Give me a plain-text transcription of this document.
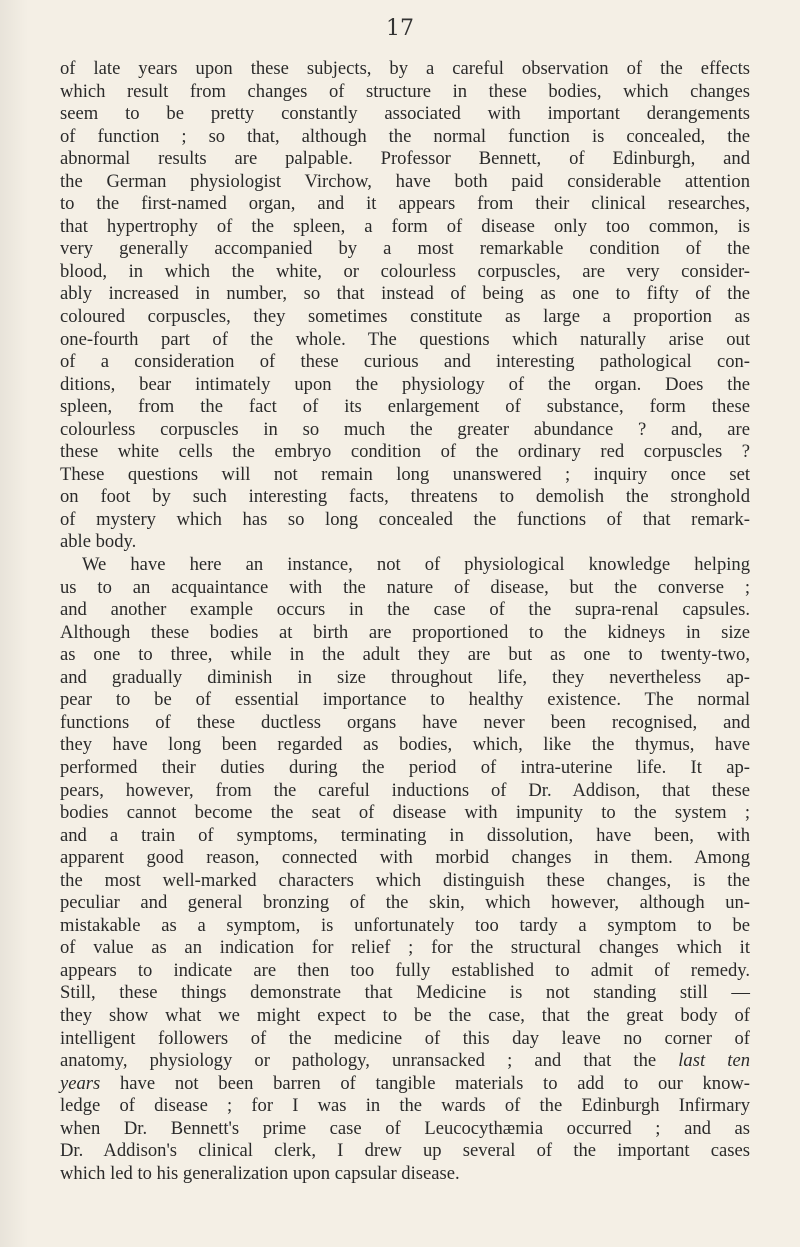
17
of late years upon these subjects, by a careful observation of the effects
which result from changes of structure in these bodies, which changes
seem to be pretty constantly associated with important derangements
of function ; so that, although the normal function is concealed, the
abnormal results are palpable. Professor Bennett, of Edinburgh, and
the German physiologist Virchow, have both paid considerable attention
to the first-named organ, and it appears from their clinical researches,
that hypertrophy of the spleen, a form of disease only too common, is
very generally accompanied by a most remarkable condition of the
blood, in which the white, or colourless corpuscles, are very consider-
ably increased in number, so that instead of being as one to fifty of the
coloured corpuscles, they sometimes constitute as large a proportion as
one-fourth part of the whole. The questions which naturally arise out
of a consideration of these curious and interesting pathological con-
ditions, bear intimately upon the physiology of the organ. Does the
spleen, from the fact of its enlargement of substance, form these
colourless corpuscles in so much the greater abundance ? and, are
these white cells the embryo condition of the ordinary red corpuscles ?
These questions will not remain long unanswered ; inquiry once set
on foot by such interesting facts, threatens to demolish the stronghold
of mystery which has so long concealed the functions of that remark-
able body.
We have here an instance, not of physiological knowledge helping
us to an acquaintance with the nature of disease, but the converse ;
and another example occurs in the case of the supra-renal capsules.
Although these bodies at birth are proportioned to the kidneys in size
as one to three, while in the adult they are but as one to twenty-two,
and gradually diminish in size throughout life, they nevertheless ap-
pear to be of essential importance to healthy existence. The normal
functions of these ductless organs have never been recognised, and
they have long been regarded as bodies, which, like the thymus, have
performed their duties during the period of intra-uterine life. It ap-
pears, however, from the careful inductions of Dr. Addison, that these
bodies cannot become the seat of disease with impunity to the system ;
and a train of symptoms, terminating in dissolution, have been, with
apparent good reason, connected with morbid changes in them. Among
the most well-marked characters which distinguish these changes, is the
peculiar and general bronzing of the skin, which however, although un-
mistakable as a symptom, is unfortunately too tardy a symptom to be
of value as an indication for relief ; for the structural changes which it
appears to indicate are then too fully established to admit of remedy.
Still, these things demonstrate that Medicine is not standing still —
they show what we might expect to be the case, that the great body of
intelligent followers of the medicine of this day leave no corner of
anatomy, physiology or pathology, unransacked ; and that the last ten
years have not been barren of tangible materials to add to our know-
ledge of disease ; for I was in the wards of the Edinburgh Infirmary
when Dr. Bennett's prime case of Leucocythæmia occurred ; and as
Dr. Addison's clinical clerk, I drew up several of the important cases
which led to his generalization upon capsular disease.
